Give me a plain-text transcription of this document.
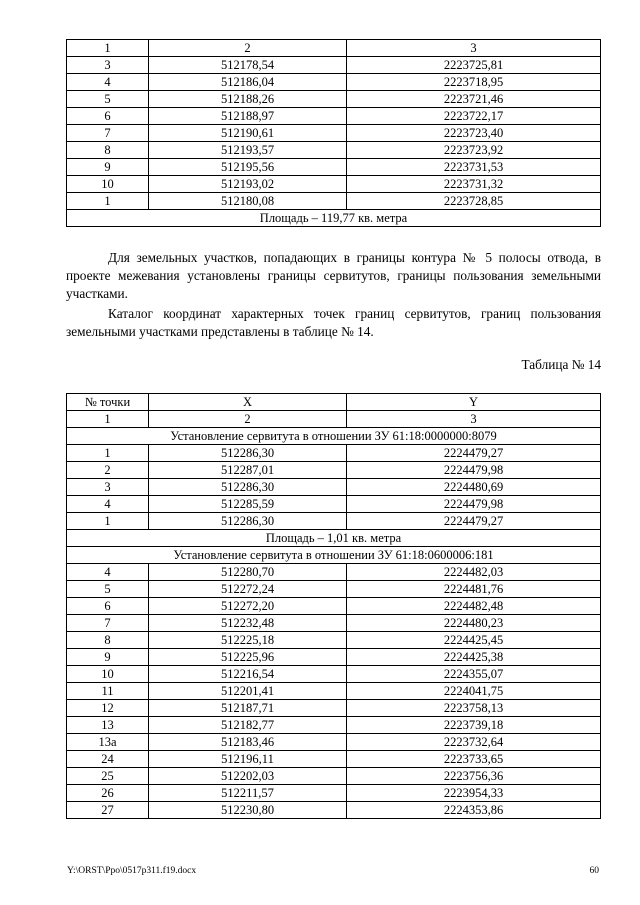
1	2	3
3	512178,54	2223725,81
4	512186,04	2223718,95
5	512188,26	2223721,46
6	512188,97	2223722,17
7	512190,61	2223723,40
8	512193,57	2223723,92
9	512195,56	2223731,53
10	512193,02	2223731,32
1	512180,08	2223728,85
Площадь – 119,77 кв. метра		

Для земельных участков, попадающих в границы контура № 5 полосы отвода, в проекте межевания установлены границы сервитутов, границы пользования земельными участками.

Каталог координат характерных точек границ сервитутов, границ пользования земельными участками представлены в таблице № 14.

Таблица № 14
№ точки	X	Y
1	2	3
Установление сервитута в отношении ЗУ 61:18:0000000:8079		
1	512286,30	2224479,27
2	512287,01	2224479,98
3	512286,30	2224480,69
4	512285,59	2224479,98
1	512286,30	2224479,27
Площадь – 1,01 кв. метра		
Установление сервитута в отношении ЗУ 61:18:0600006:181		
4	512280,70	2224482,03
5	512272,24	2224481,76
6	512272,20	2224482,48
7	512232,48	2224480,23
8	512225,18	2224425,45
9	512225,96	2224425,38
10	512216,54	2224355,07
11	512201,41	2224041,75
12	512187,71	2223758,13
13	512182,77	2223739,18
13а	512183,46	2223732,64
24	512196,11	2223733,65
25	512202,03	2223756,36
26	512211,57	2223954,33
27	512230,80	2224353,86
Y:\ORST\Ppo\0517p311.f19.docx	60
